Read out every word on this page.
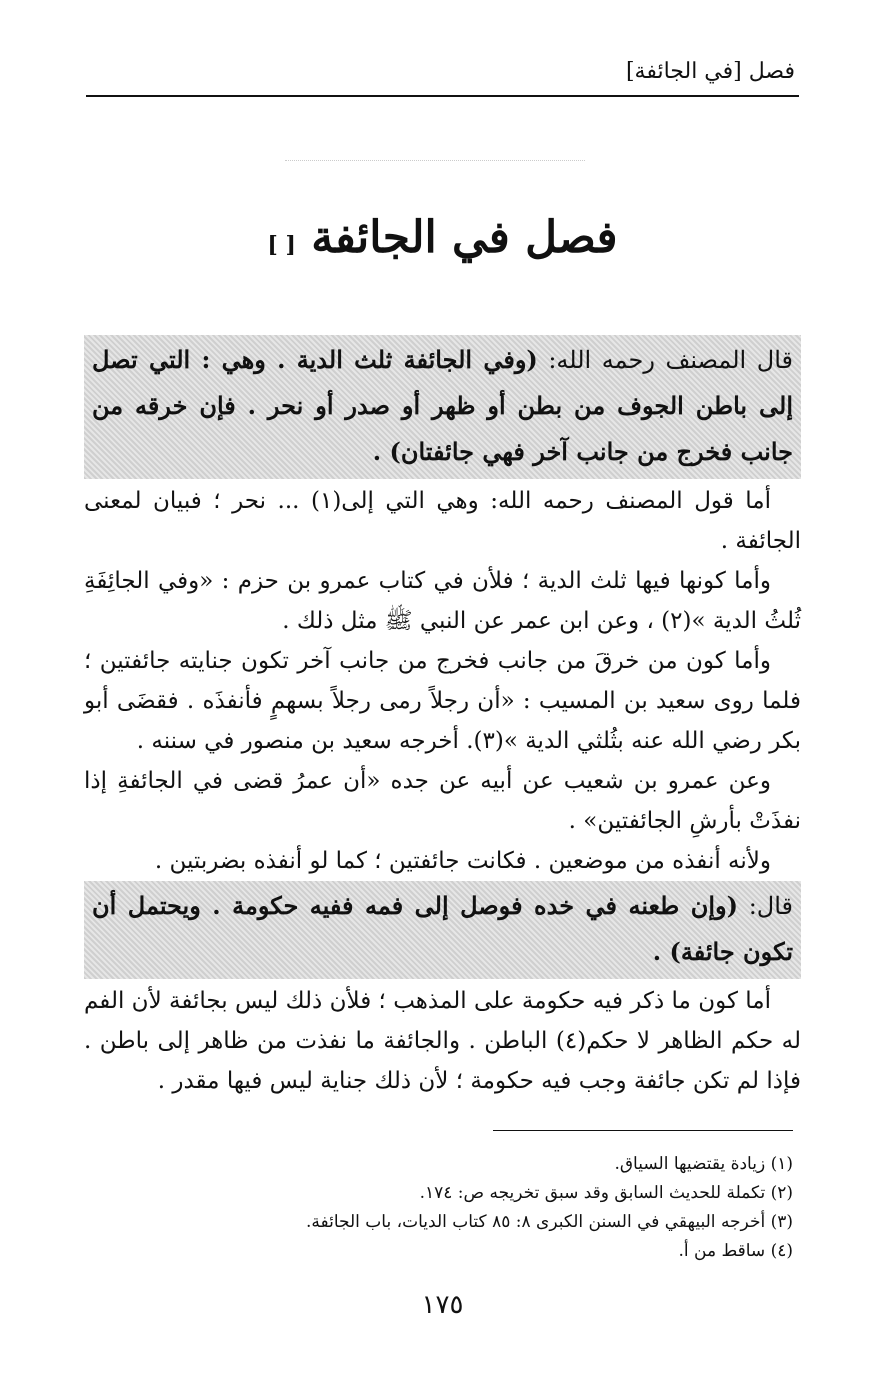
فصل [في الجائفة]
فصل في الجائفة [ ]
قال المصنف رحمه الله: (وفي الجائفة ثلث الدية . وهي : التي تصل إلى باطن الجوف من بطن أو ظهر أو صدر أو نحر . فإن خرقه من جانب فخرج من جانب آخر فهي جائفتان) .

أما قول المصنف رحمه الله: وهي التي إلى(١) ... نحر ؛ فبيان لمعنى الجائفة .

وأما كونها فيها ثلث الدية ؛ فلأن في كتاب عمرو بن حزم : «وفي الجائِفَةِ ثُلثُ الدية »(٢) ، وعن ابن عمر عن النبي ﷺ مثل ذلك .

وأما كون من خرقَ من جانب فخرج من جانب آخر تكون جنايته جائفتين ؛ فلما روى سعيد بن المسيب : «أن رجلاً رمى رجلاً بسهمٍ فأنفذَه . فقضَى أبو بكر رضي الله عنه بثُلثي الدية »(٣). أخرجه سعيد بن منصور في سننه .

وعن عمرو بن شعيب عن أبيه عن جده «أن عمرُ قضى في الجائفةِ إذا نفذَتْ بأرشِ الجائفتين» .

ولأنه أنفذه من موضعين . فكانت جائفتين ؛ كما لو أنفذه بضربتين .

قال: (وإن طعنه في خده فوصل إلى فمه ففيه حكومة . ويحتمل أن تكون جائفة) .

أما كون ما ذكر فيه حكومة على المذهب ؛ فلأن ذلك ليس بجائفة لأن الفم له حكم الظاهر لا حكم(٤) الباطن . والجائفة ما نفذت من ظاهر إلى باطن . فإذا لم تكن جائفة وجب فيه حكومة ؛ لأن ذلك جناية ليس فيها مقدر .

(١) زيادة يقتضيها السياق.
(٢) تكملة للحديث السابق وقد سبق تخريجه ص: ١٧٤.
(٣) أخرجه البيهقي في السنن الكبرى ٨: ٨٥ كتاب الديات، باب الجائفة.
(٤) ساقط من أ.
١٧٥
